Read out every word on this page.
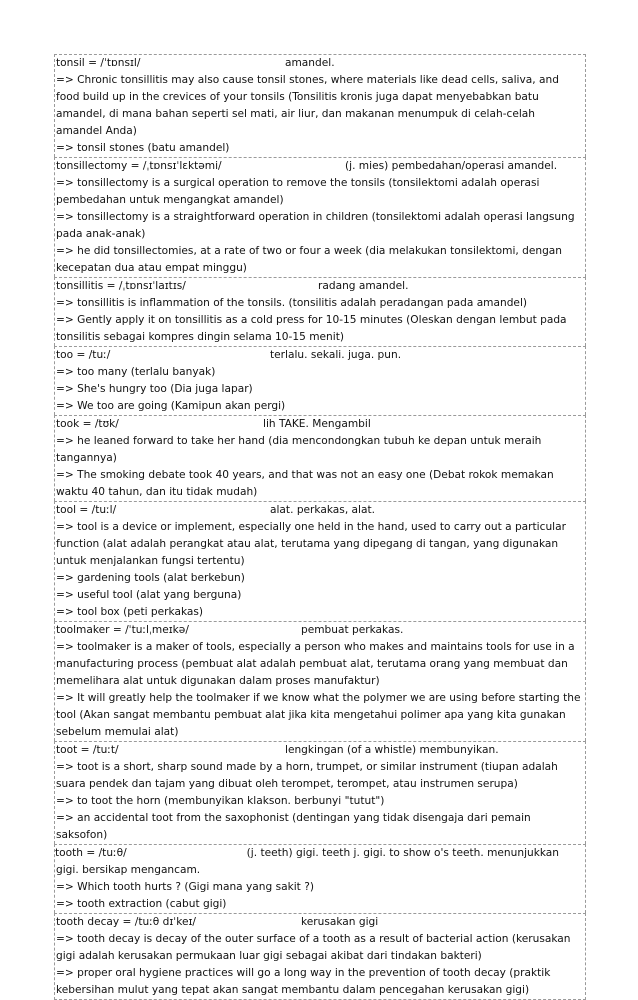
tonsil = /ˈtɒnsɪl/	amandel.
=> Chronic tonsillitis may also cause tonsil stones, where materials like dead cells, saliva, and food build up in the crevices of your tonsils (Tonsilitis kronis juga dapat menyebabkan batu amandel, di mana bahan seperti sel mati, air liur, dan makanan menumpuk di celah-celah amandel Anda)
=> tonsil stones (batu amandel)
tonsillectomy = /ˌtɒnsɪˈlɛktəmi/	(j. mies) pembedahan/operasi amandel.
=> tonsillectomy is a surgical operation to remove the tonsils (tonsilektomi adalah operasi pembedahan untuk mengangkat amandel)
=> tonsillectomy is a straightforward operation in children (tonsilektomi adalah operasi langsung pada anak-anak)
=> he did tonsillectomies, at a rate of two or four a week (dia melakukan tonsilektomi, dengan kecepatan dua atau empat minggu)
tonsillitis = /ˌtɒnsɪˈlaɪtɪs/	radang amandel.
=> tonsillitis is inflammation of the tonsils. (tonsilitis adalah peradangan pada amandel)
=> Gently apply it on tonsillitis as a cold press for 10-15 minutes (Oleskan dengan lembut pada tonsilitis sebagai kompres dingin selama 10-15 menit)
too = /tuː/	terlalu. sekali. juga. pun.
=> too many (terlalu banyak)
=> She's hungry too (Dia juga lapar)
=> We too are going (Kamipun akan pergi)
took = /tʊk/	lih TAKE. Mengambil
=> he leaned forward to take her hand (dia mencondongkan tubuh ke depan untuk meraih tangannya)
=> The smoking debate took 40 years, and that was not an easy one (Debat rokok memakan waktu 40 tahun, dan itu tidak mudah)
tool = /tuːl/	alat. perkakas, alat.
=> tool is a device or implement, especially one held in the hand, used to carry out a particular function (alat adalah perangkat atau alat, terutama yang dipegang di tangan, yang digunakan untuk menjalankan fungsi tertentu)
=> gardening tools (alat berkebun)
=> useful tool (alat yang berguna)
=> tool box (peti perkakas)
toolmaker = /ˈtuːlˌmeɪkə/	pembuat perkakas.
=> toolmaker is a maker of tools, especially a person who makes and maintains tools for use in a manufacturing process (pembuat alat adalah pembuat alat, terutama orang yang membuat dan memelihara alat untuk digunakan dalam proses manufaktur)
=> It will greatly help the toolmaker if we know what the polymer we are using before starting the tool (Akan sangat membantu pembuat alat jika kita mengetahui polimer apa yang kita gunakan sebelum memulai alat)
toot = /tuːt/	lengkingan (of a whistle) membunyikan.
=> toot is a short, sharp sound made by a horn, trumpet, or similar instrument (tiupan adalah suara pendek dan tajam yang dibuat oleh terompet, terompet, atau instrumen serupa)
=> to toot the horn (membunyikan klakson. berbunyi "tutut")
=> an accidental toot from the saxophonist (dentingan yang tidak disengaja dari pemain saksofon)
tooth = /tuːθ/	(j. teeth) gigi. teeth j. gigi. to show o's teeth. menunjukkan gigi. bersikap mengancam.
=> Which tooth hurts ? (Gigi mana yang sakit ?)
=> tooth extraction (cabut gigi)
tooth decay = /tuːθ dɪˈkeɪ/	kerusakan gigi
=> tooth decay is decay of the outer surface of a tooth as a result of bacterial action (kerusakan gigi adalah kerusakan permukaan luar gigi sebagai akibat dari tindakan bakteri)
=> proper oral hygiene practices will go a long way in the prevention of tooth decay (praktik kebersihan mulut yang tepat akan sangat membantu dalam pencegahan kerusakan gigi)
